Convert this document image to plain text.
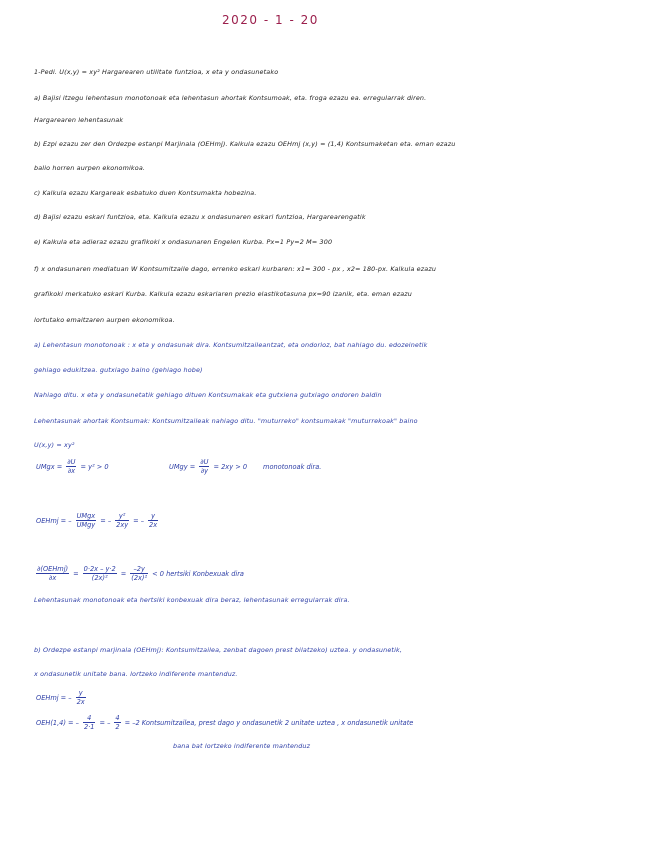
2020 - 1 - 20
1-Pedi. U(x,y) = xy² Hargarearen utilitate funtzioa, x eta y ondasunetako
a) Bajisi itzegu lehentasun monotonoak eta lehentasun ahortak Kontsumoak, eta. froga ezazu ea. erregularrak diren.
Hargarearen lehentasunak
b) Ezpi ezazu zer den Ordezpe estanpi Marjinala (OEHmj). Kalkula ezazu OEHmj (x,y) = (1,4) Kontsumaketan eta. eman ezazu
balio horren aurpen ekonomikoa.
c) Kalkula ezazu Kargareak esbatuko duen Kontsumakta hobezina.
d) Bajisi ezazu eskari funtzioa, eta. Kalkula ezazu x ondasunaren eskari funtzioa, Hargarearengatik
e) Kalkula eta adieraz ezazu grafikoki x ondasunaren Engelen Kurba. Px=1 Py=2 M= 300
f) x ondasunaren mediatuan W Kontsumitzaile dago, errenko eskari kurbaren: x1= 300 - px , x2= 180-px. Kalkula ezazu
grafikoki merkatuko eskari Kurba. Kalkula ezazu eskariaren prezio elastikotasuna px=90 izanik, eta. eman ezazu
lortutako emaitzaren aurpen ekonomikoa.
a) Lehentasun monotonoak : x eta y ondasunak dira. Kontsumitzaileantzat, eta ondorioz, bat nahiago du. edozeinetik
gehiago edukitzea. gutxiago baino (gehiago hobe)
Nahiago ditu. x eta y ondasunetatik gehiago dituen Kontsumakak eta gutxiena gutxiago ondoren baldin
Lehentasunak ahortak Kontsumak: Kontsumitzaileak nahiago ditu. "muturreko" kontsumakak "muturrekoak" baino
U(x,y) = xy²
UMgx = $\frac{\partial U}{\partial x} = y^2 > 0$	UMgy = $\frac{\partial U}{\partial y} = 2xy > 0$ monotonoak dira.
OEHmj = – $\frac{\text{UMgx}}{\text{UMgy}}$ = – $\frac{\text{y²}}{2xy}$ = – $\frac{y}{2x}$
$\frac{\text{∂(OEHmj)}}{\partial x} = \frac{0\cdot 2x - y\cdot 2}{\text{(2x)²}} = \frac{-2y}{\text{(2x)²}} < 0$ hertsiki Konbexuak dira
Lehentasunak monotonoak eta hertsiki konbexuak dira beraz, lehentasunak erregularrak dira.
b) Ordezpe estanpi marjinala (OEHmj): Kontsumitzailea, zenbat dagoen prest bilatzeko) uztea. y ondasunetik,
x ondasunetik unitate bana. lortzeko indiferente mantenduz.
OEHmj = – $\frac{y}{2x}$
OEH(1,4) = – $\frac{4}{2\cdot 1}$ = – $\frac{4}{2} = -2$ Kontsumitzailea, prest dago y ondasunetik 2 unitate uztea , x ondasunetik unitate
bana bat lortzeko indiferente mantenduz
